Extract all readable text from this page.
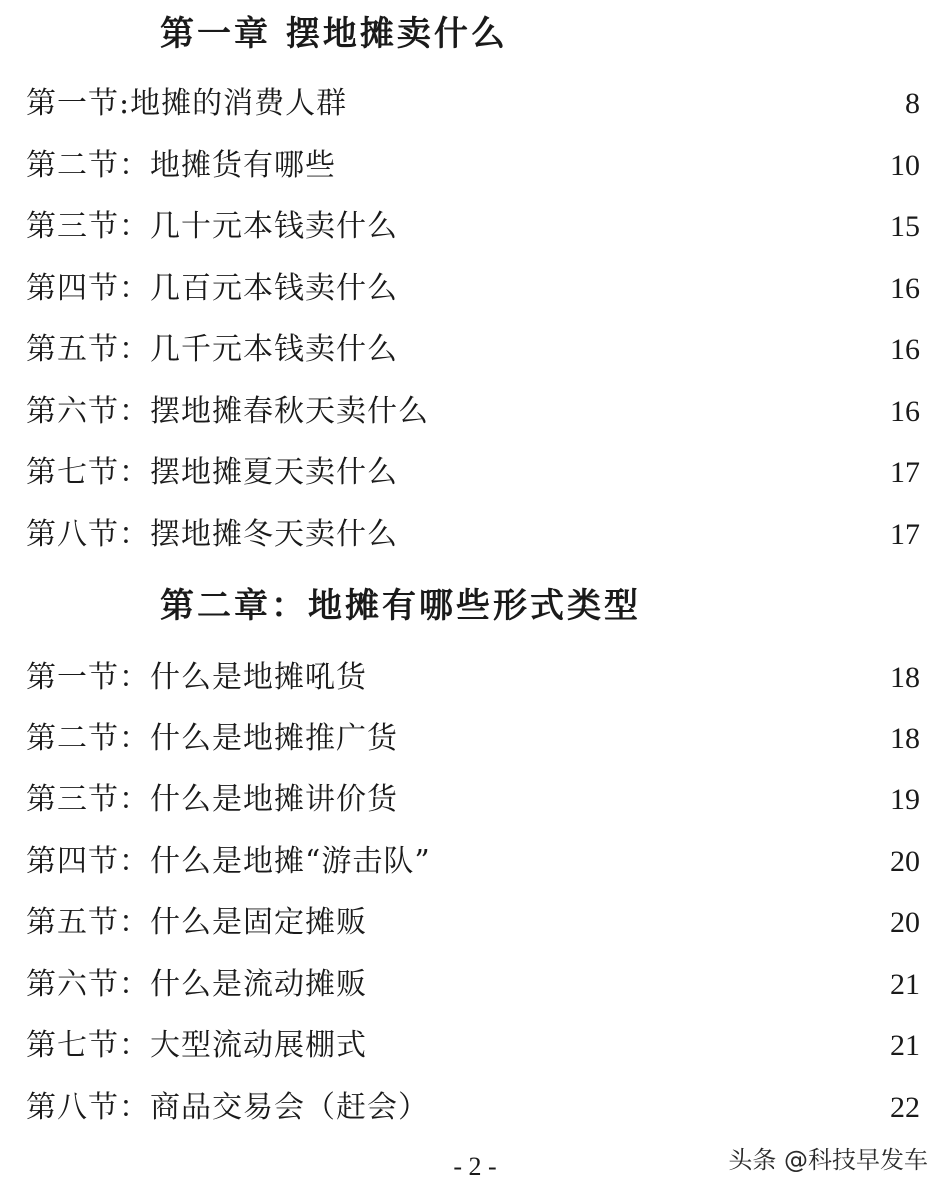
第一章 摆地摊卖什么
第一节:地摊的消费人群	8
第二节：地摊货有哪些	10
第三节：几十元本钱卖什么	15
第四节：几百元本钱卖什么	16
第五节：几千元本钱卖什么	16
第六节：摆地摊春秋天卖什么	16
第七节：摆地摊夏天卖什么	17
第八节：摆地摊冬天卖什么	17
第二章：地摊有哪些形式类型
第一节：什么是地摊吼货	18
第二节：什么是地摊推广货	18
第三节：什么是地摊讲价货	19
第四节：什么是地摊“游击队”	20
第五节：什么是固定摊贩	20
第六节：什么是流动摊贩	21
第七节：大型流动展棚式	21
第八节：商品交易会（赶会）	22
- 2 -	头条 @科技早发车
